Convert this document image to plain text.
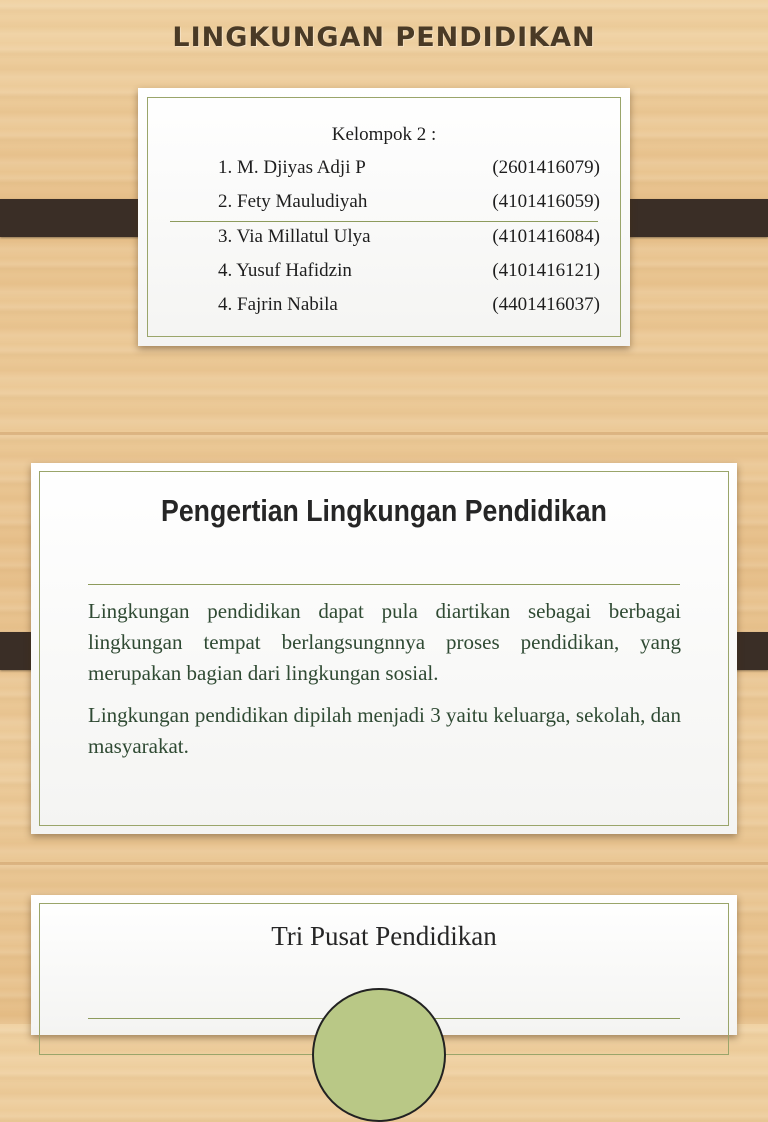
LINGKUNGAN PENDIDIKAN
Kelompok 2 :
1. M. Djiyas Adji P	(2601416079)
2. Fety Mauludiyah	(4101416059)
3. Via Millatul Ulya	(4101416084)
4. Yusuf Hafidzin	(4101416121)
4. Fajrin Nabila	(4401416037)
Pengertian Lingkungan Pendidikan

Lingkungan pendidikan dapat pula diartikan sebagai berbagai lingkungan tempat berlangsungnnya proses pendidikan, yang merupakan bagian dari lingkungan sosial.

Lingkungan pendidikan dipilah menjadi 3 yaitu keluarga, sekolah, dan masyarakat.

Tri Pusat Pendidikan
